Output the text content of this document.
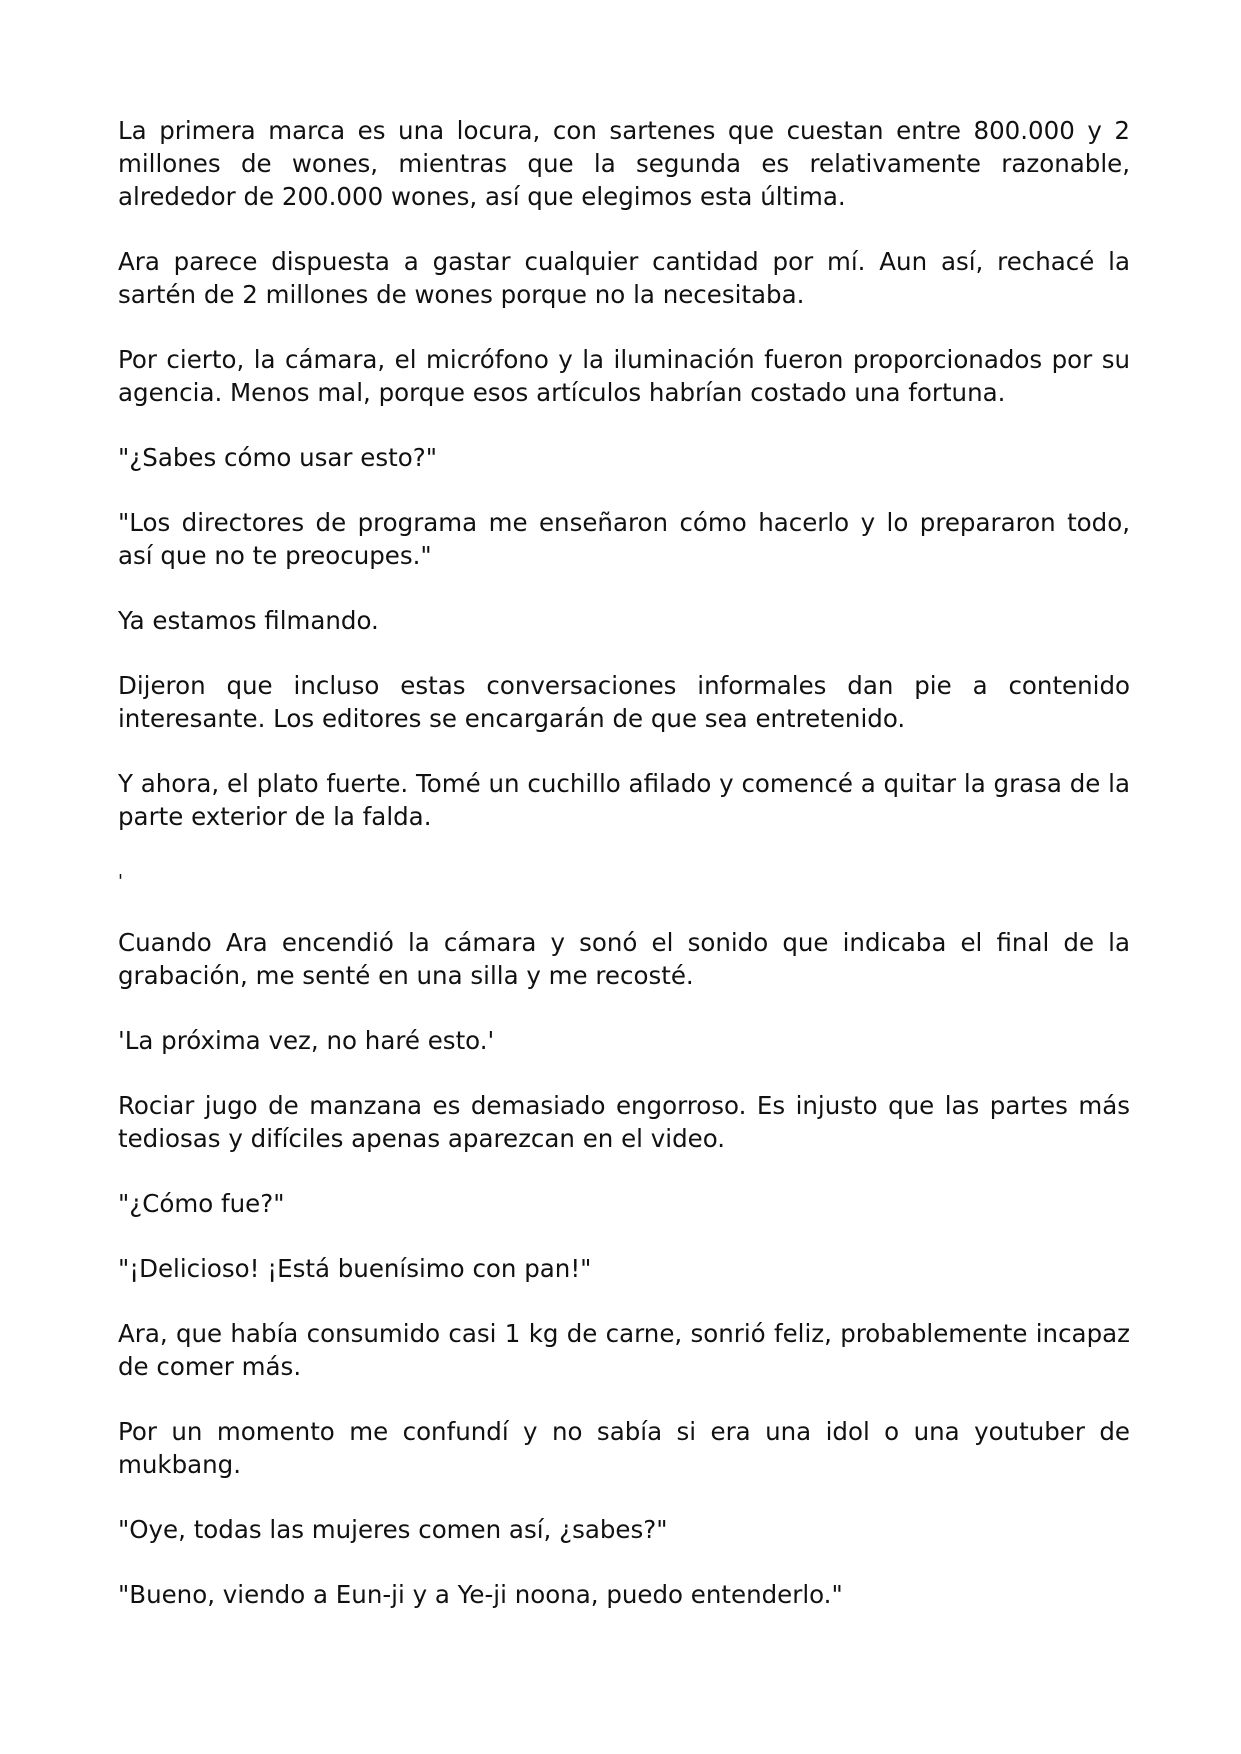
La primera marca es una locura, con sartenes que cuestan entre 800.000 y 2 millones de wones, mientras que la segunda es relativamente razonable, alrededor de 200.000 wones, así que elegimos esta última.

Ara parece dispuesta a gastar cualquier cantidad por mí. Aun así, rechacé la sartén de 2 millones de wones porque no la necesitaba.

Por cierto, la cámara, el micrófono y la iluminación fueron proporcionados por su agencia. Menos mal, porque esos artículos habrían costado una fortuna.

"¿Sabes cómo usar esto?"

"Los directores de programa me enseñaron cómo hacerlo y lo prepararon todo, así que no te preocupes."

Ya estamos filmando.

Dijeron que incluso estas conversaciones informales dan pie a contenido interesante. Los editores se encargarán de que sea entretenido.

Y ahora, el plato fuerte. Tomé un cuchillo afilado y comencé a quitar la grasa de la parte exterior de la falda.

'

Cuando Ara encendió la cámara y sonó el sonido que indicaba el final de la grabación, me senté en una silla y me recosté.

'La próxima vez, no haré esto.'

Rociar jugo de manzana es demasiado engorroso. Es injusto que las partes más tediosas y difíciles apenas aparezcan en el video.

"¿Cómo fue?"

"¡Delicioso! ¡Está buenísimo con pan!"

Ara, que había consumido casi 1 kg de carne, sonrió feliz, probablemente incapaz de comer más.

Por un momento me confundí y no sabía si era una idol o una youtuber de mukbang.

"Oye, todas las mujeres comen así, ¿sabes?"

"Bueno, viendo a Eun-ji y a Ye-ji noona, puedo entenderlo."
